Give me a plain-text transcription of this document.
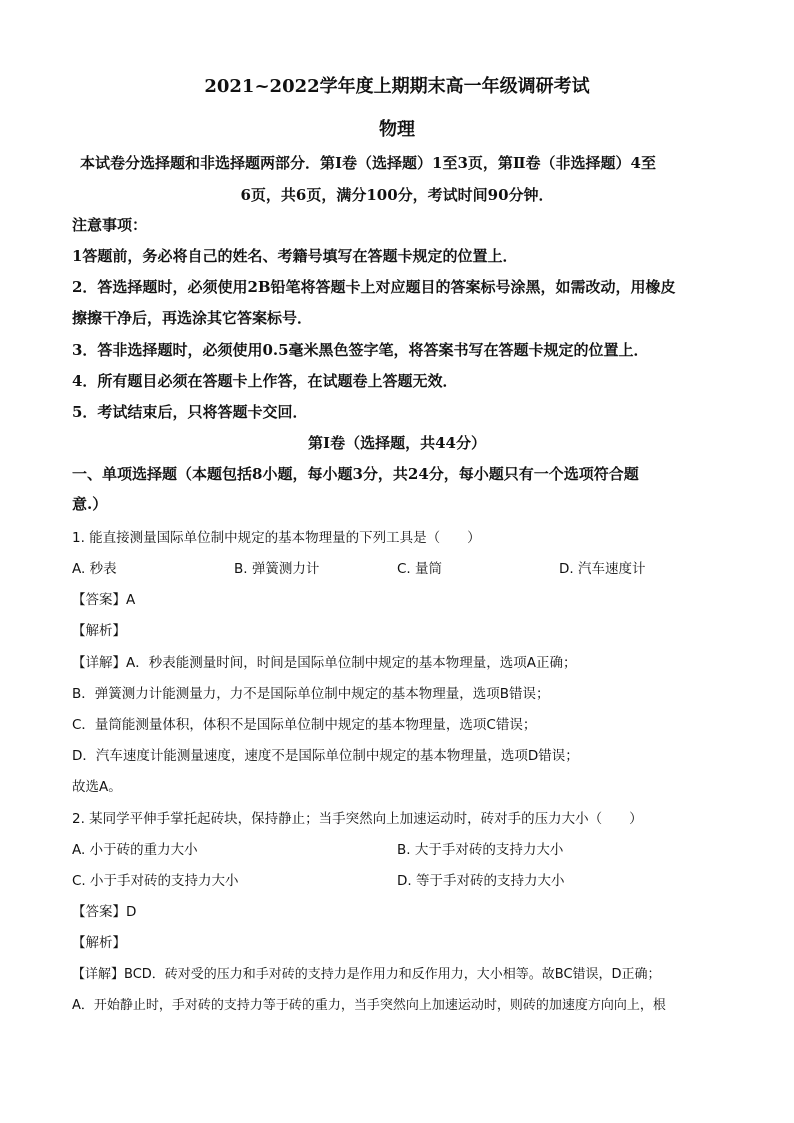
2021~2022学年度上期期末高一年级调研考试
物理
本试卷分选择题和非选择题两部分．第Ⅰ卷（选择题）1至3页，第Ⅱ卷（非选择题）4至
6页，共6页，满分100分，考试时间90分钟．
注意事项：
1答题前，务必将自己的姓名、考籍号填写在答题卡规定的位置上．
2．答选择题时，必须使用2B铅笔将答题卡上对应题目的答案标号涂黑，如需改动，用橡皮
擦擦干净后，再选涂其它答案标号．
3．答非选择题时，必须使用0.5毫米黑色签字笔，将答案书写在答题卡规定的位置上．
4．所有题目必须在答题卡上作答，在试题卷上答题无效．
5．考试结束后，只将答题卡交回．
第Ⅰ卷（选择题，共44分）
一、单项选择题（本题包括8小题，每小题3分，共24分，每小题只有一个选项符合题
意.）
1. 能直接测量国际单位制中规定的基本物理量的下列工具是（　　）
A. 秒表	B. 弹簧测力计	C. 量筒	D. 汽车速度计
【答案】A
【解析】
【详解】A．秒表能测量时间，时间是国际单位制中规定的基本物理量，选项A正确；
B．弹簧测力计能测量力，力不是国际单位制中规定的基本物理量，选项B错误；
C．量筒能测量体积，体积不是国际单位制中规定的基本物理量，选项C错误；
D．汽车速度计能测量速度，速度不是国际单位制中规定的基本物理量，选项D错误；
故选A。
2. 某同学平伸手掌托起砖块，保持静止；当手突然向上加速运动时，砖对手的压力大小（　　）
A. 小于砖的重力大小	B. 大于手对砖的支持力大小
C. 小于手对砖的支持力大小	D. 等于手对砖的支持力大小
【答案】D
【解析】
【详解】BCD．砖对受的压力和手对砖的支持力是作用力和反作用力，大小相等。故BC错误，D正确；
A．开始静止时，手对砖的支持力等于砖的重力，当手突然向上加速运动时，则砖的加速度方向向上，根
